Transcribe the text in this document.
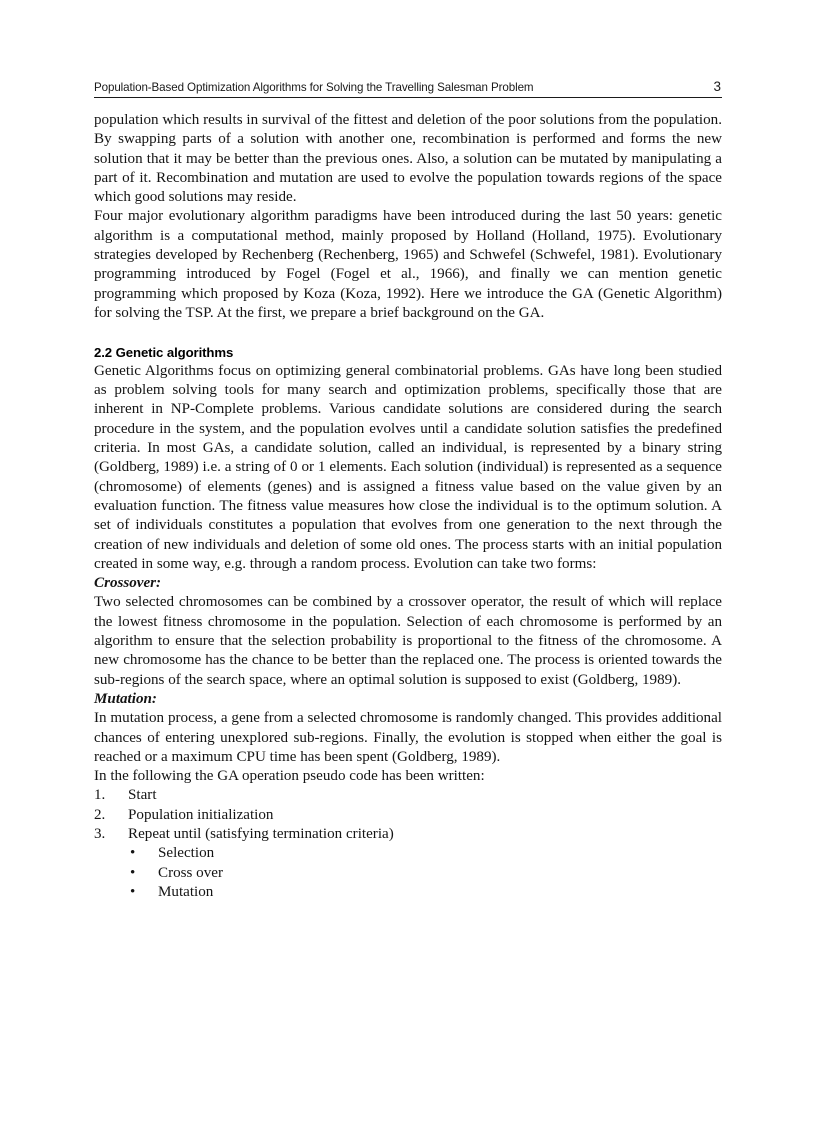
Population-Based Optimization Algorithms for Solving the Travelling Salesman Problem	3

population which results in survival of the fittest and deletion of the poor solutions from the population. By swapping parts of a solution with another one, recombination is performed and forms the new solution that it may be better than the previous ones. Also, a solution can be mutated by manipulating a part of it. Recombination and mutation are used to evolve the population towards regions of the space which good solutions may reside.

Four major evolutionary algorithm paradigms have been introduced during the last 50 years: genetic algorithm is a computational method, mainly proposed by Holland (Holland, 1975). Evolutionary strategies developed by Rechenberg (Rechenberg, 1965) and Schwefel (Schwefel, 1981). Evolutionary programming introduced by Fogel (Fogel et al., 1966), and finally we can mention genetic programming which proposed by Koza (Koza, 1992). Here we introduce the GA (Genetic Algorithm) for solving the TSP. At the first, we prepare a brief background on the GA.

2.2 Genetic algorithms

Genetic Algorithms focus on optimizing general combinatorial problems. GAs have long been studied as problem solving tools for many search and optimization problems, specifically those that are inherent in NP-Complete problems. Various candidate solutions are considered during the search procedure in the system, and the population evolves until a candidate solution satisfies the predefined criteria. In most GAs, a candidate solution, called an individual, is represented by a binary string (Goldberg, 1989) i.e. a string of 0 or 1 elements. Each solution (individual) is represented as a sequence (chromosome) of elements (genes) and is assigned a fitness value based on the value given by an evaluation function. The fitness value measures how close the individual is to the optimum solution. A set of individuals constitutes a population that evolves from one generation to the next through the creation of new individuals and deletion of some old ones. The process starts with an initial population created in some way, e.g. through a random process. Evolution can take two forms:

Crossover:

Two selected chromosomes can be combined by a crossover operator, the result of which will replace the lowest fitness chromosome in the population. Selection of each chromosome is performed by an algorithm to ensure that the selection probability is proportional to the fitness of the chromosome. A new chromosome has the chance to be better than the replaced one. The process is oriented towards the sub-regions of the search space, where an optimal solution is supposed to exist (Goldberg, 1989).

Mutation:

In mutation process, a gene from a selected chromosome is randomly changed. This provides additional chances of entering unexplored sub-regions. Finally, the evolution is stopped when either the goal is reached or a maximum CPU time has been spent (Goldberg, 1989).

In the following the GA operation pseudo code has been written:

1.	Start
2.	Population initialization
3.	Repeat until (satisfying termination criteria)
• Selection
• Cross over
• Mutation
